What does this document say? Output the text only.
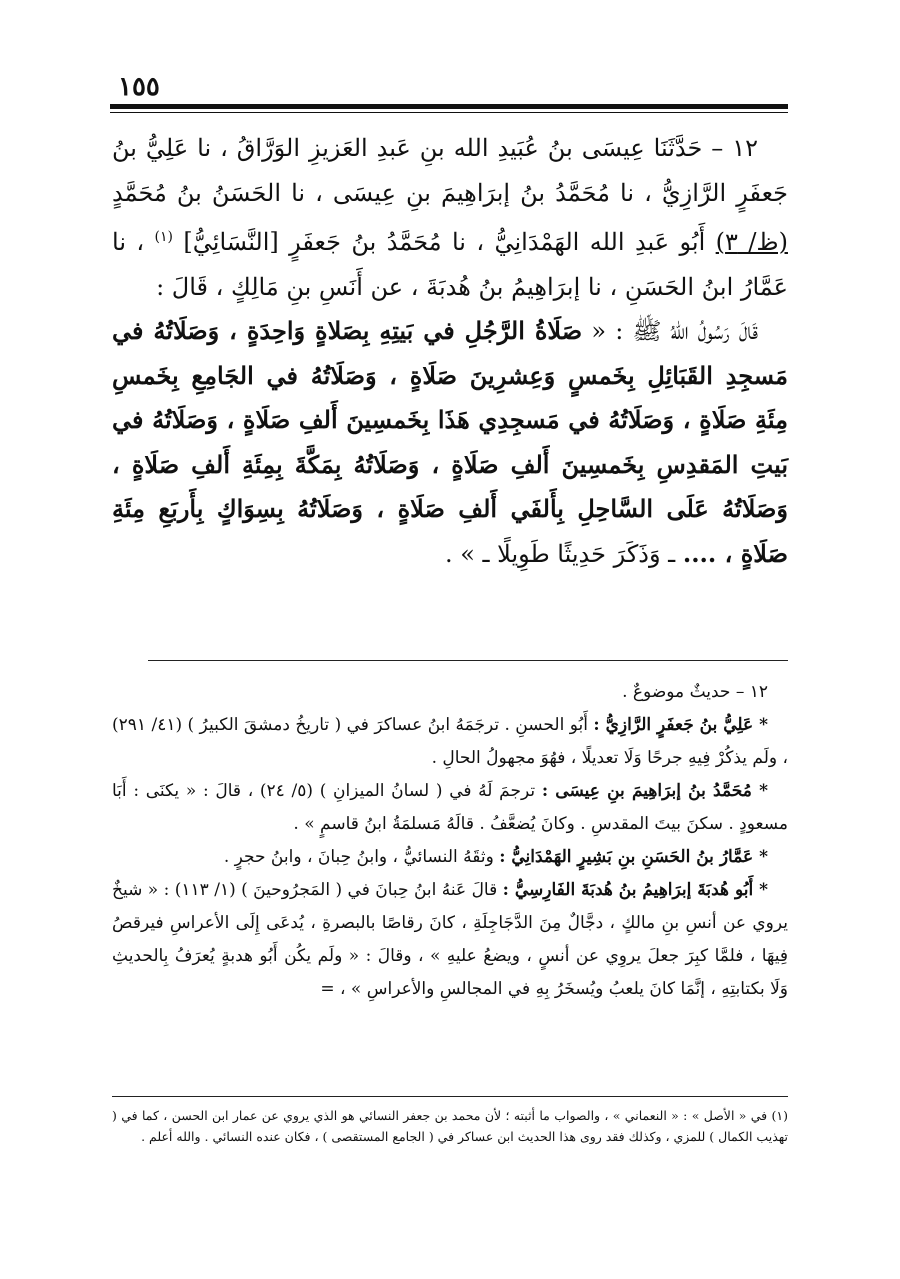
١٥٥

١٢ – حَدَّثَنَا عِيسَى بنُ عُبَيدِ الله بنِ عَبدِ العَزيزِ الوَرَّاقُ ، نا عَلِيُّ بنُ جَعفَرٍ الرَّازِيُّ ، نا مُحَمَّدُ بنُ إبرَاهِيمَ بنِ عِيسَى ، نا الحَسَنُ بنُ مُحَمَّدٍ (ظ/ ٣) أَبُو عَبدِ الله الهَمْدَانِيُّ ، نا مُحَمَّدُ بنُ جَعفَرٍ [النَّسَائِيُّ] $^{(١)}$ ، نا عَمَّارُ ابنُ الحَسَنِ ، نا إبرَاهِيمُ بنُ هُدبَةَ ، عن أَنَسِ بنِ مَالِكٍ ، قَالَ :

قَالَ رَسُولُ اللهُ ﷺ : « صَلَاةُ الرَّجُلِ في بَيتِهِ بِصَلاةٍ وَاحِدَةٍ ، وَصَلَاتُهُ في مَسجِدِ القَبَائِلِ بِخَمسٍ وَعِشرِينَ صَلَاةٍ ، وَصَلَاتُهُ في الجَامِعِ بِخَمسِ مِئَةِ صَلَاةٍ ، وَصَلَاتُهُ في مَسجِدِي هَذَا بِخَمسِينَ أَلفِ صَلَاةٍ ، وَصَلَاتُهُ في بَيتِ المَقدِسِ بِخَمسِينَ أَلفِ صَلَاةٍ ، وَصَلَاتُهُ بِمَكَّةَ بِمِئَةِ أَلفِ صَلَاةٍ ، وَصَلَاتُهُ عَلَى السَّاحِلِ بِأَلفَي أَلفِ صَلَاةٍ ، وَصَلَاتُهُ بِسِوَاكٍ بِأَربَعِ مِئَةِ صَلَاةٍ ، .... ـ وَذَكَرَ حَدِيثًا طَوِيلًا ـ » .

١٢ – حديثٌ موضوعٌ .

* عَلِيُّ بنُ جَعفَرٍ الرَّازِيُّ : أَبُو الحسنِ . ترجَمَهُ ابنُ عساكرَ في ( تاريخُ دمشقَ الكبيرُ ) (٤١/ ٢٩١) ، ولَم يذكُرْ فِيهِ جرحًا وَلَا تعديلًا ، فهُوَ مجهولُ الحالِ .

* مُحَمَّدُ بنُ إبرَاهِيمَ بنِ عِيسَى : ترجمَ لَهُ في ( لسانُ الميزانِ ) (٥/ ٢٤) ، قالَ : « يكنَى : أَبَا مسعودٍ . سكنَ بيتَ المقدسِ . وكانَ يُضعَّفُ . قالَهُ مَسلمَةُ ابنُ قاسمٍ » .

* عَمَّارُ بنُ الحَسَنِ بنِ بَشِيرٍ الهَمْدَانِيُّ : وثقَهُ النسائيُّ ، وابنُ حِبانَ ، وابنُ حجرٍ .

* أَبُو هُدبَةَ إبرَاهِيمُ بنُ هُدبَةَ الفَارِسِيُّ : قالَ عَنهُ ابنُ حِبانَ في ( المَجرُوحينَ ) (١/ ١١٣) : « شيخٌ يروي عن أنسِ بنِ مالكٍ ، دجَّالٌ مِنَ الدَّجَاجِلَةِ ، كانَ رقاصًا بالبصرةِ ، يُدعَى إِلَى الأعراسِ فيرقصُ فِيهَا ، فلمَّا كبِرَ جعلَ يروِي عن أنسٍ ، ويضعُ عليهِ » ، وقالَ : « ولَم يكُن أَبُو هدبةٍ يُعرَفُ بِالحديثِ وَلَا بكتابتِهِ ، إنَّمَا كانَ يلعبُ ويُسخَرُ بِهِ في المجالسِ والأعراسِ » ، =

(١) في « الأصل » : « النعماني » ، والصواب ما أثبته ؛ لأن محمد بن جعفر النسائي هو الذي يروي عن عمار ابن الحسن ، كما في ( تهذيب الكمال ) للمزي ، وكذلك فقد روى هذا الحديث ابن عساكر في ( الجامع المستقصى ) ، فكان عنده النسائي . والله أعلم .
